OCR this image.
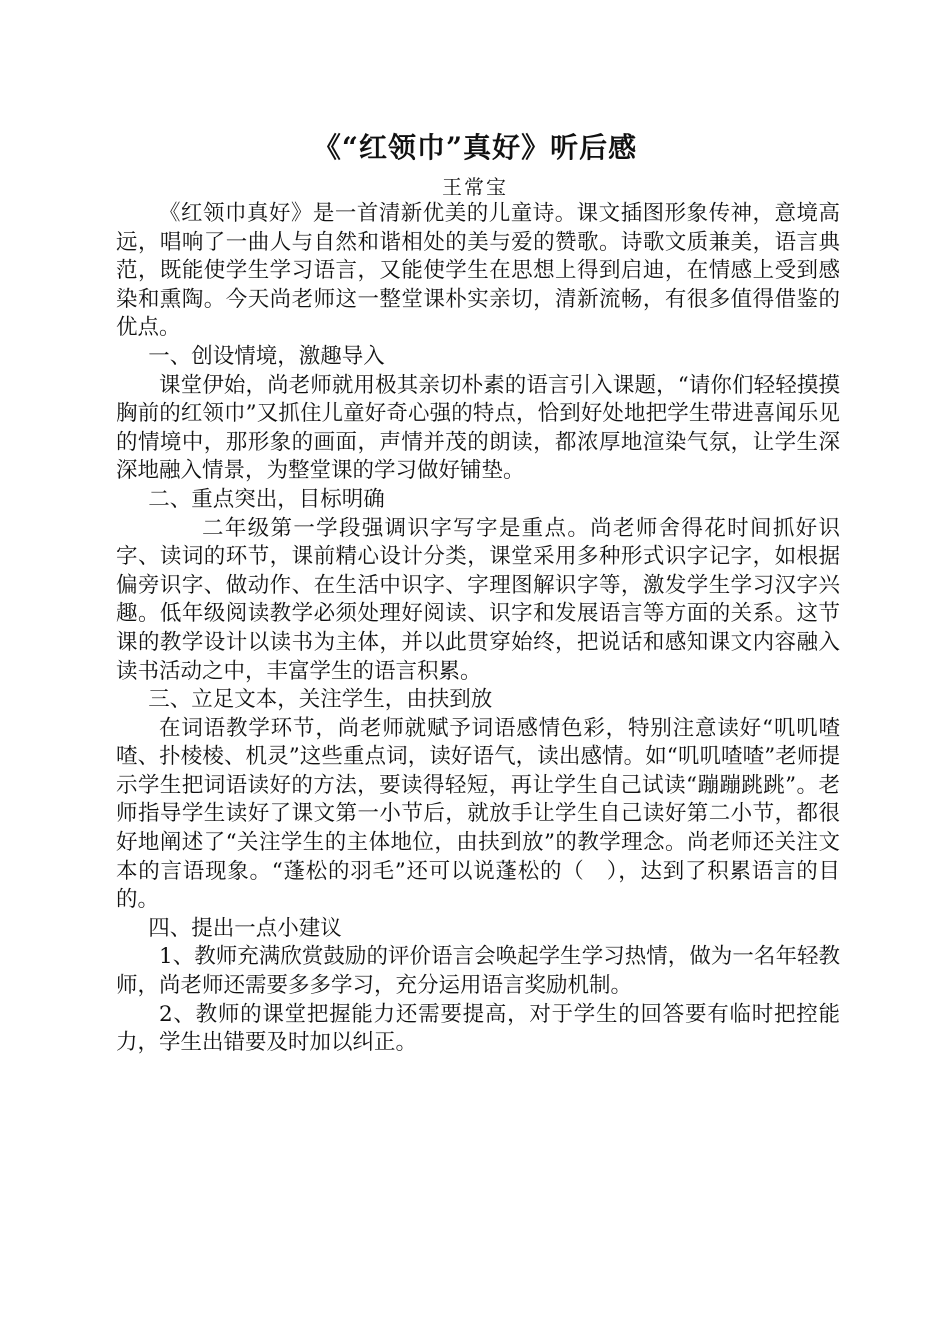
《“红领巾”真好》听后感
王常宝

《红领巾真好》是一首清新优美的儿童诗。课文插图形象传神，意境高远，唱响了一曲人与自然和谐相处的美与爱的赞歌。诗歌文质兼美，语言典范，既能使学生学习语言，又能使学生在思想上得到启迪，在情感上受到感染和熏陶。今天尚老师这一整堂课朴实亲切，清新流畅，有很多值得借鉴的优点。

一、创设情境，激趣导入

课堂伊始，尚老师就用极其亲切朴素的语言引入课题，“请你们轻轻摸摸胸前的红领巾”又抓住儿童好奇心强的特点，恰到好处地把学生带进喜闻乐见的情境中，那形象的画面，声情并茂的朗读，都浓厚地渲染气氛，让学生深深地融入情景，为整堂课的学习做好铺垫。

二、重点突出，目标明确

二年级第一学段强调识字写字是重点。尚老师舍得花时间抓好识字、读词的环节，课前精心设计分类，课堂采用多种形式识字记字，如根据偏旁识字、做动作、在生活中识字、字理图解识字等，激发学生学习汉字兴趣。低年级阅读教学必须处理好阅读、识字和发展语言等方面的关系。这节课的教学设计以读书为主体，并以此贯穿始终，把说话和感知课文内容融入读书活动之中，丰富学生的语言积累。

三、立足文本，关注学生，由扶到放

在词语教学环节，尚老师就赋予词语感情色彩，特别注意读好“叽叽喳喳、扑棱棱、机灵”这些重点词，读好语气，读出感情。如“叽叽喳喳”老师提示学生把词语读好的方法，要读得轻短，再让学生自己试读“蹦蹦跳跳”。老师指导学生读好了课文第一小节后，就放手让学生自己读好第二小节，都很好地阐述了“关注学生的主体地位，由扶到放”的教学理念。尚老师还关注文本的言语现象。“蓬松的羽毛”还可以说蓬松的（　），达到了积累语言的目的。

四、提出一点小建议

1、教师充满欣赏鼓励的评价语言会唤起学生学习热情，做为一名年轻教师，尚老师还需要多多学习，充分运用语言奖励机制。

2、教师的课堂把握能力还需要提高，对于学生的回答要有临时把控能力，学生出错要及时加以纠正。
